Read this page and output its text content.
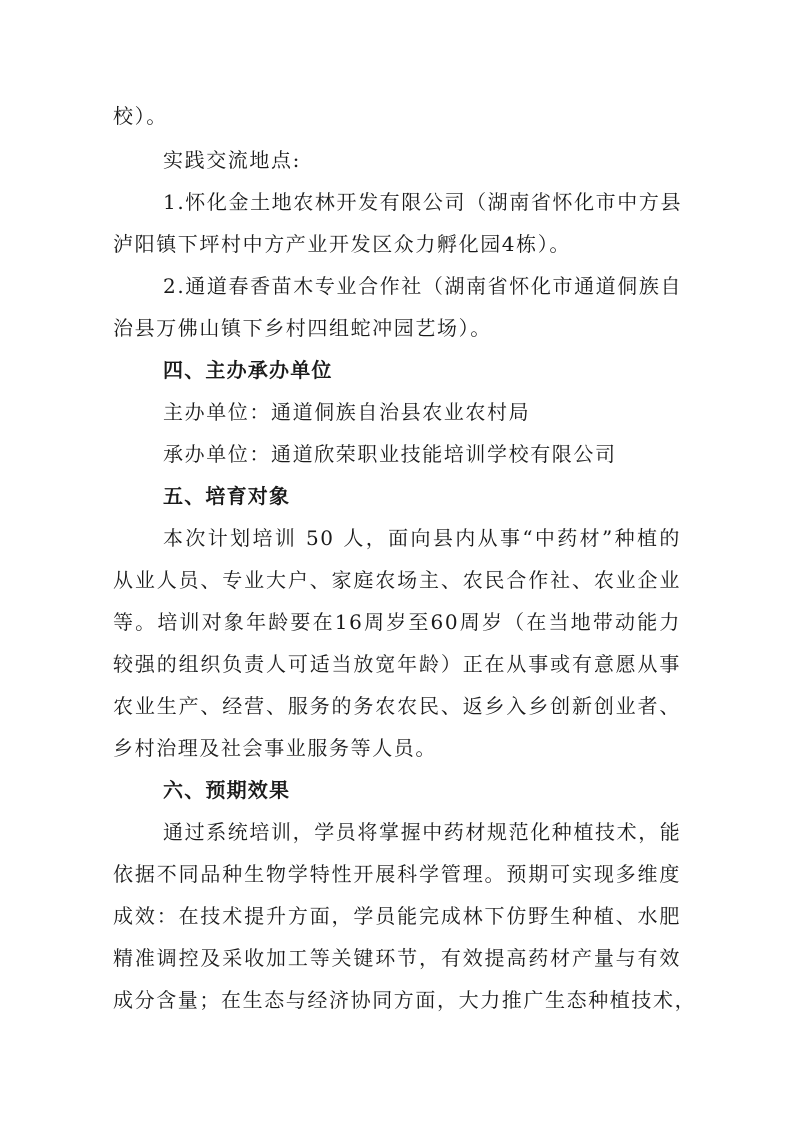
校）。
实践交流地点:
1.怀化金土地农林开发有限公司（湖南省怀化市中方县
泸阳镇下坪村中方产业开发区众力孵化园4栋）。
2.通道春香苗木专业合作社（湖南省怀化市通道侗族自
治县万佛山镇下乡村四组蛇冲园艺场）。
四、主办承办单位
主办单位：通道侗族自治县农业农村局
承办单位：通道欣荣职业技能培训学校有限公司
五、培育对象
本次计划培训 50 人，面向县内从事“中药材”种植的
从业人员、专业大户、家庭农场主、农民合作社、农业企业
等。培训对象年龄要在16周岁至60周岁（在当地带动能力
较强的组织负责人可适当放宽年龄）正在从事或有意愿从事
农业生产、经营、服务的务农农民、返乡入乡创新创业者、
乡村治理及社会事业服务等人员。
六、预期效果
通过系统培训，学员将掌握中药材规范化种植技术，能
依据不同品种生物学特性开展科学管理。预期可实现多维度
成效：在技术提升方面，学员能完成林下仿野生种植、水肥
精准调控及采收加工等关键环节，有效提高药材产量与有效
成分含量；在生态与经济协同方面，大力推广生态种植技术，
